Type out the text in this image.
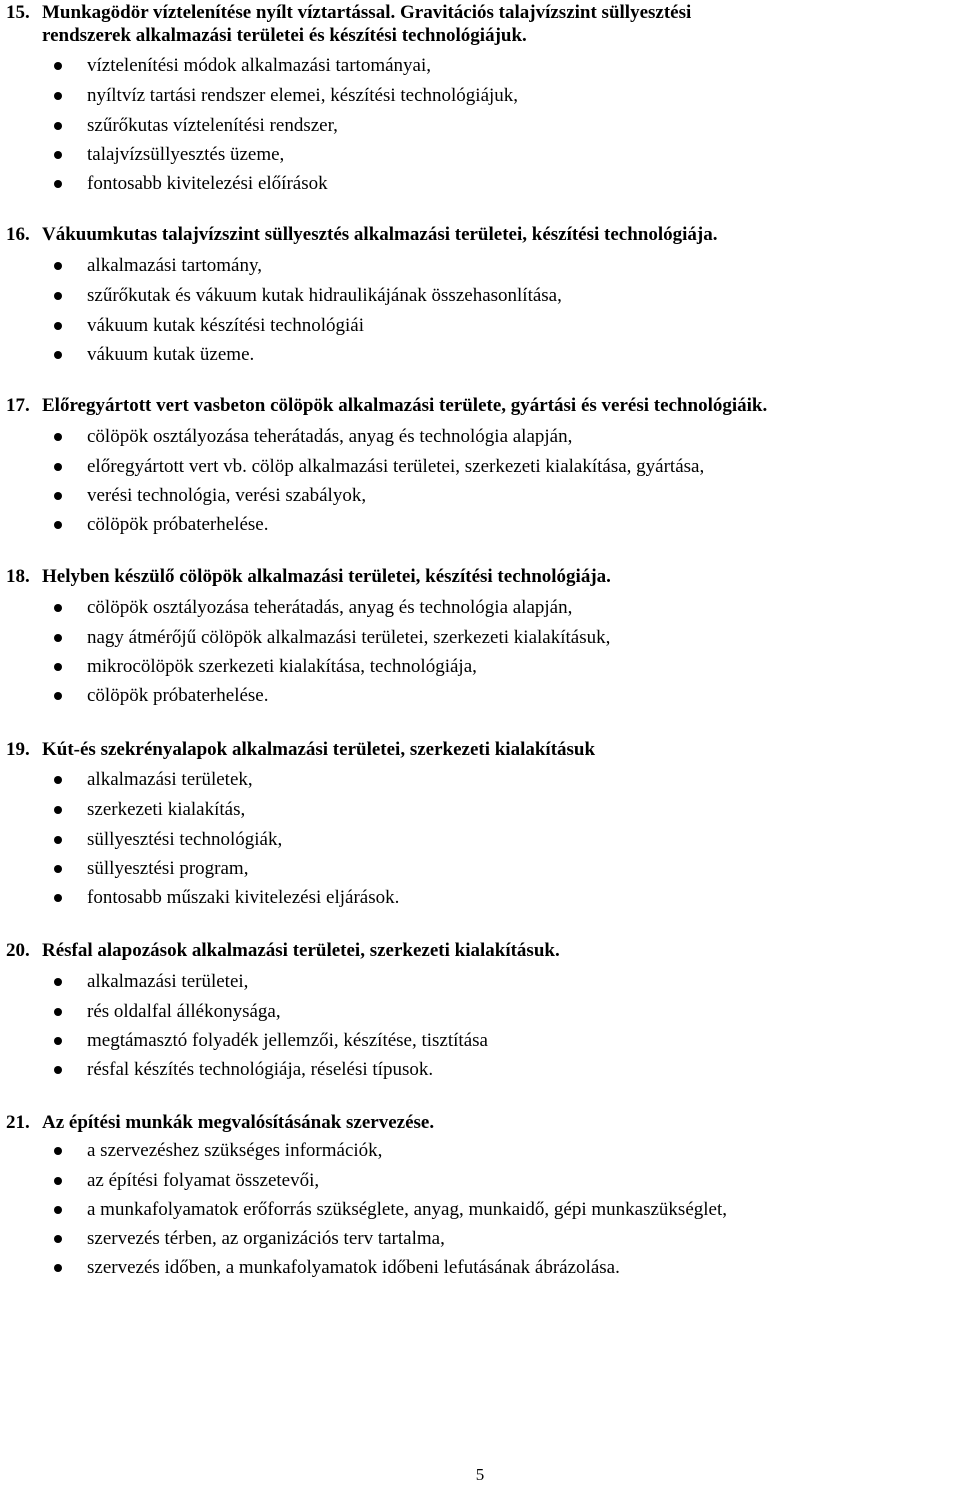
15. Munkagödör víztelenítése nyílt víztartással. Gravitációs talajvízszint süllyesztési
rendszerek alkalmazási területei és készítési technológiájuk.
víztelenítési módok alkalmazási tartományai,
nyíltvíz tartási rendszer elemei, készítési technológiájuk,
szűrőkutas víztelenítési rendszer,
talajvízsüllyesztés üzeme,
fontosabb kivitelezési előírások
16. Vákuumkutas talajvízszint süllyesztés alkalmazási területei, készítési technológiája.
alkalmazási tartomány,
szűrőkutak és vákuum kutak hidraulikájának összehasonlítása,
vákuum kutak készítési technológiái
vákuum kutak üzeme.
17. Előregyártott vert vasbeton cölöpök alkalmazási területe, gyártási és verési technológiáik.
cölöpök osztályozása teherátadás, anyag és technológia alapján,
előregyártott vert vb. cölöp alkalmazási területei, szerkezeti kialakítása, gyártása,
verési technológia, verési szabályok,
cölöpök próbaterhelése.
18. Helyben készülő cölöpök alkalmazási területei, készítési technológiája.
cölöpök osztályozása teherátadás, anyag és technológia alapján,
nagy átmérőjű cölöpök alkalmazási területei, szerkezeti kialakításuk,
mikrocölöpök szerkezeti kialakítása, technológiája,
cölöpök próbaterhelése.
19. Kút-és szekrényalapok alkalmazási területei, szerkezeti kialakításuk
alkalmazási területek,
szerkezeti kialakítás,
süllyesztési technológiák,
süllyesztési program,
fontosabb műszaki kivitelezési eljárások.
20. Résfal alapozások alkalmazási területei, szerkezeti kialakításuk.
alkalmazási területei,
rés oldalfal állékonysága,
megtámasztó folyadék jellemzői, készítése, tisztítása
résfal készítés technológiája, réselési típusok.
21. Az építési munkák megvalósításának szervezése.
a szervezéshez szükséges információk,
az építési folyamat összetevői,
a munkafolyamatok erőforrás szükséglete, anyag, munkaidő, gépi munkaszükséglet,
szervezés térben, az organizációs terv tartalma,
szervezés időben, a munkafolyamatok időbeni lefutásának ábrázolása.
5
